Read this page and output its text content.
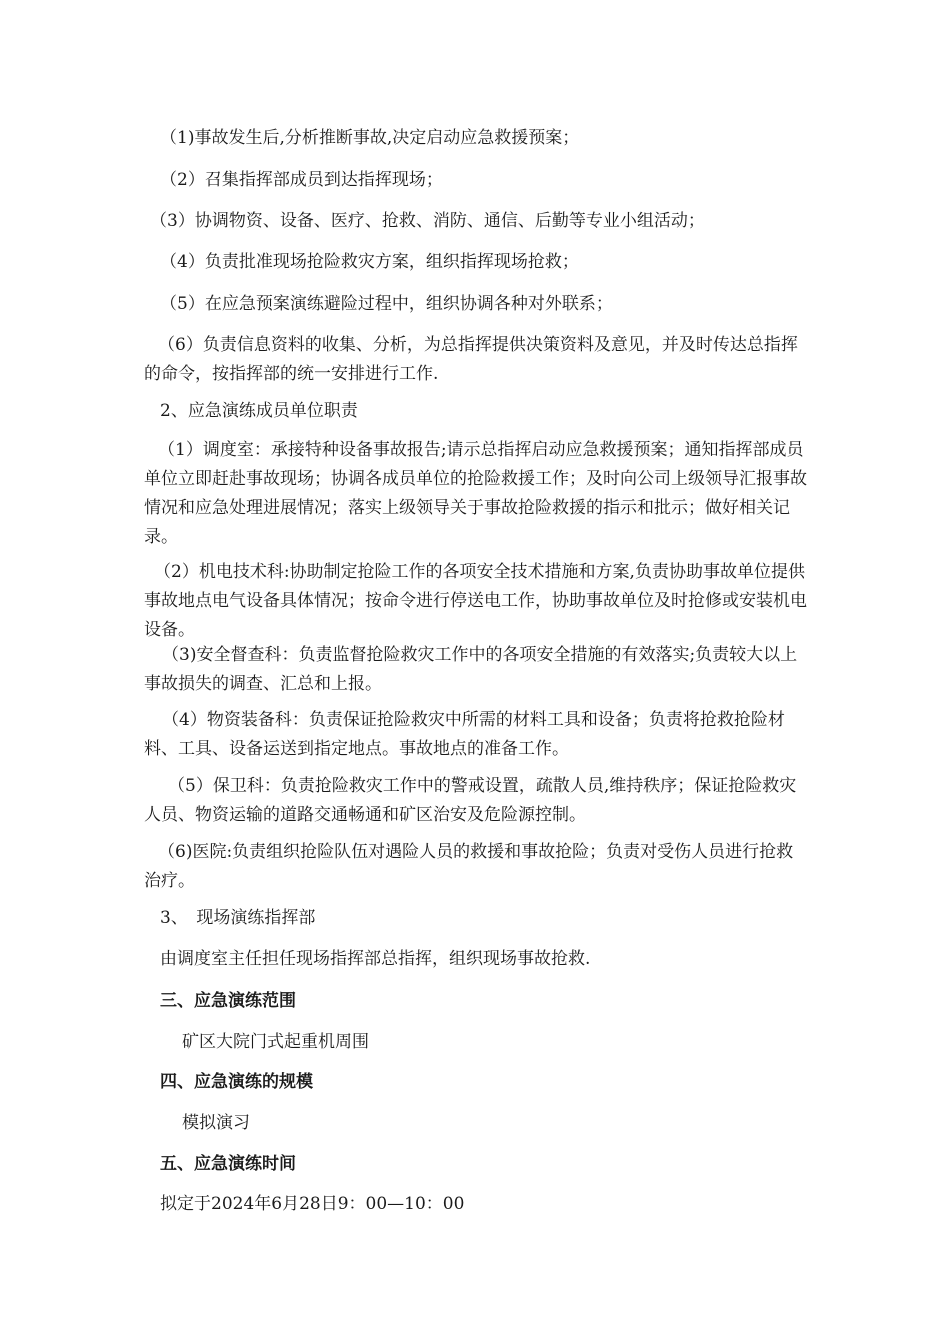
（1)事故发生后,分析推断事故,决定启动应急救援预案；

（2）召集指挥部成员到达指挥现场；

（3）协调物资、设备、医疗、抢救、消防、通信、后勤等专业小组活动；

（4）负责批准现场抢险救灾方案，组织指挥现场抢救；

（5）在应急预案演练避险过程中，组织协调各种对外联系；

（6）负责信息资料的收集、分析，为总指挥提供决策资料及意见，并及时传达总指挥的命令，按指挥部的统一安排进行工作.

2、应急演练成员单位职责

（1）调度室：承接特种设备事故报告;请示总指挥启动应急救援预案；通知指挥部成员单位立即赶赴事故现场；协调各成员单位的抢险救援工作；及时向公司上级领导汇报事故情况和应急处理进展情况；落实上级领导关于事故抢险救援的指示和批示；做好相关记录。

（2）机电技术科:协助制定抢险工作的各项安全技术措施和方案,负责协助事故单位提供事故地点电气设备具体情况；按命令进行停送电工作，协助事故单位及时抢修或安装机电设备。

（3)安全督查科：负责监督抢险救灾工作中的各项安全措施的有效落实;负责较大以上事故损失的调查、汇总和上报。

（4）物资装备科：负责保证抢险救灾中所需的材料工具和设备；负责将抢救抢险材料、工具、设备运送到指定地点。事故地点的准备工作。

（5）保卫科：负责抢险救灾工作中的警戒设置，疏散人员,维持秩序；保证抢险救灾人员、物资运输的道路交通畅通和矿区治安及危险源控制。

（6)医院:负责组织抢险队伍对遇险人员的救援和事故抢险；负责对受伤人员进行抢救治疗。

3、　现场演练指挥部

由调度室主任担任现场指挥部总指挥，组织现场事故抢救.

三、应急演练范围

矿区大院门式起重机周围

四、应急演练的规模

模拟演习

五、应急演练时间

拟定于2024年6月28日9：00—10：00
